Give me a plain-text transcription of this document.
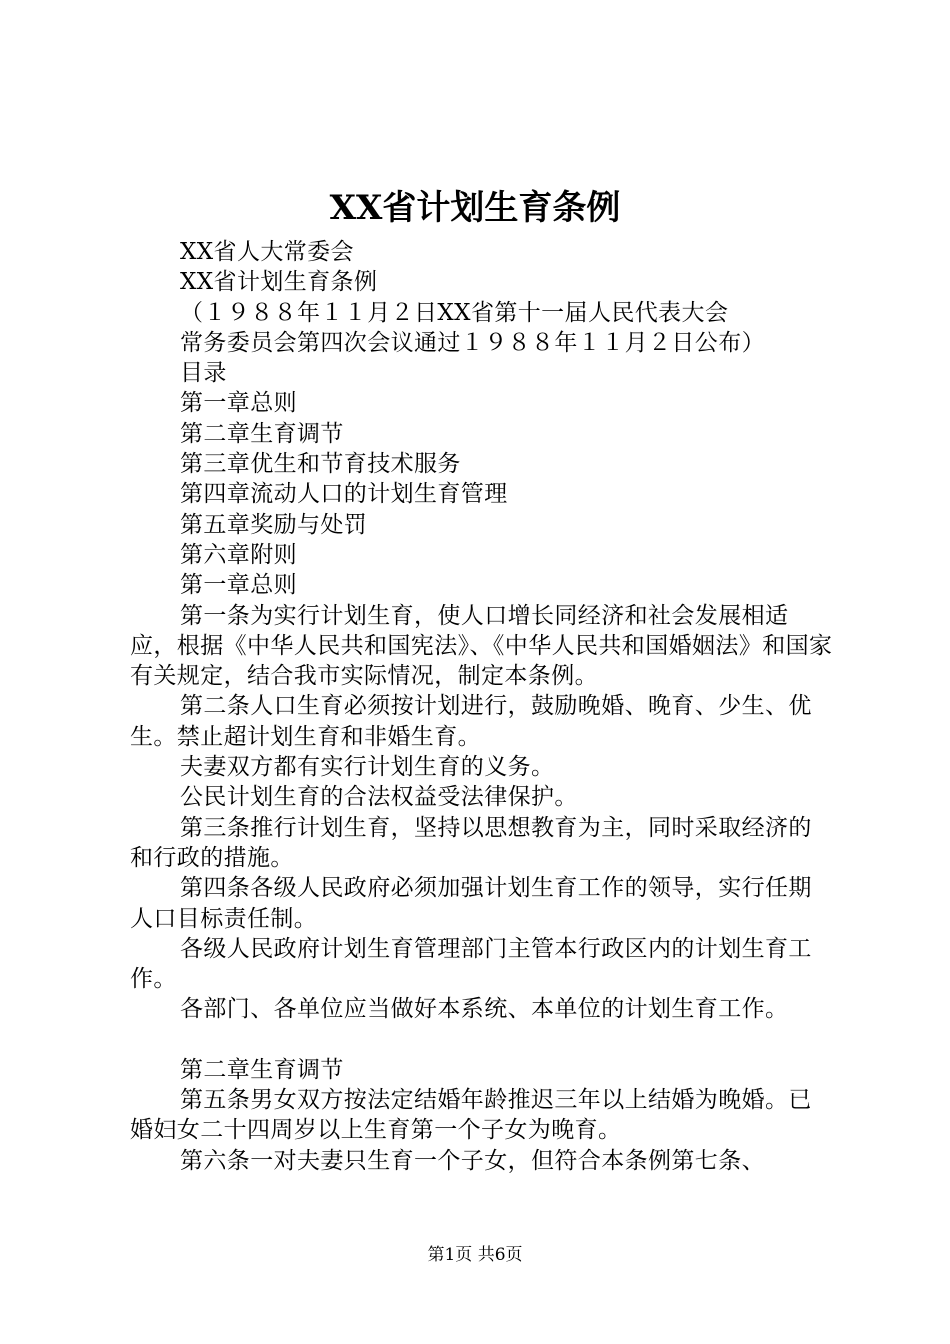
XX省计划生育条例
XX省人大常委会
XX省计划生育条例
（１９８８年１１月２日XX省第十一届人民代表大会
常务委员会第四次会议通过１９８８年１１月２日公布）
目录
第一章总则
第二章生育调节
第三章优生和节育技术服务
第四章流动人口的计划生育管理
第五章奖励与处罚
第六章附则
第一章总则
第一条为实行计划生育，使人口增长同经济和社会发展相适应，根据《中华人民共和国宪法》、《中华人民共和国婚姻法》和国家有关规定，结合我市实际情况，制定本条例。
第二条人口生育必须按计划进行，鼓励晚婚、晚育、少生、优生。禁止超计划生育和非婚生育。
夫妻双方都有实行计划生育的义务。
公民计划生育的合法权益受法律保护。
第三条推行计划生育，坚持以思想教育为主，同时采取经济的和行政的措施。
第四条各级人民政府必须加强计划生育工作的领导，实行任期人口目标责任制。
各级人民政府计划生育管理部门主管本行政区内的计划生育工作。
各部门、各单位应当做好本系统、本单位的计划生育工作。
第二章生育调节
第五条男女双方按法定结婚年龄推迟三年以上结婚为晚婚。已婚妇女二十四周岁以上生育第一个子女为晚育。
第六条一对夫妻只生育一个子女，但符合本条例第七条、
第1页 共6页
